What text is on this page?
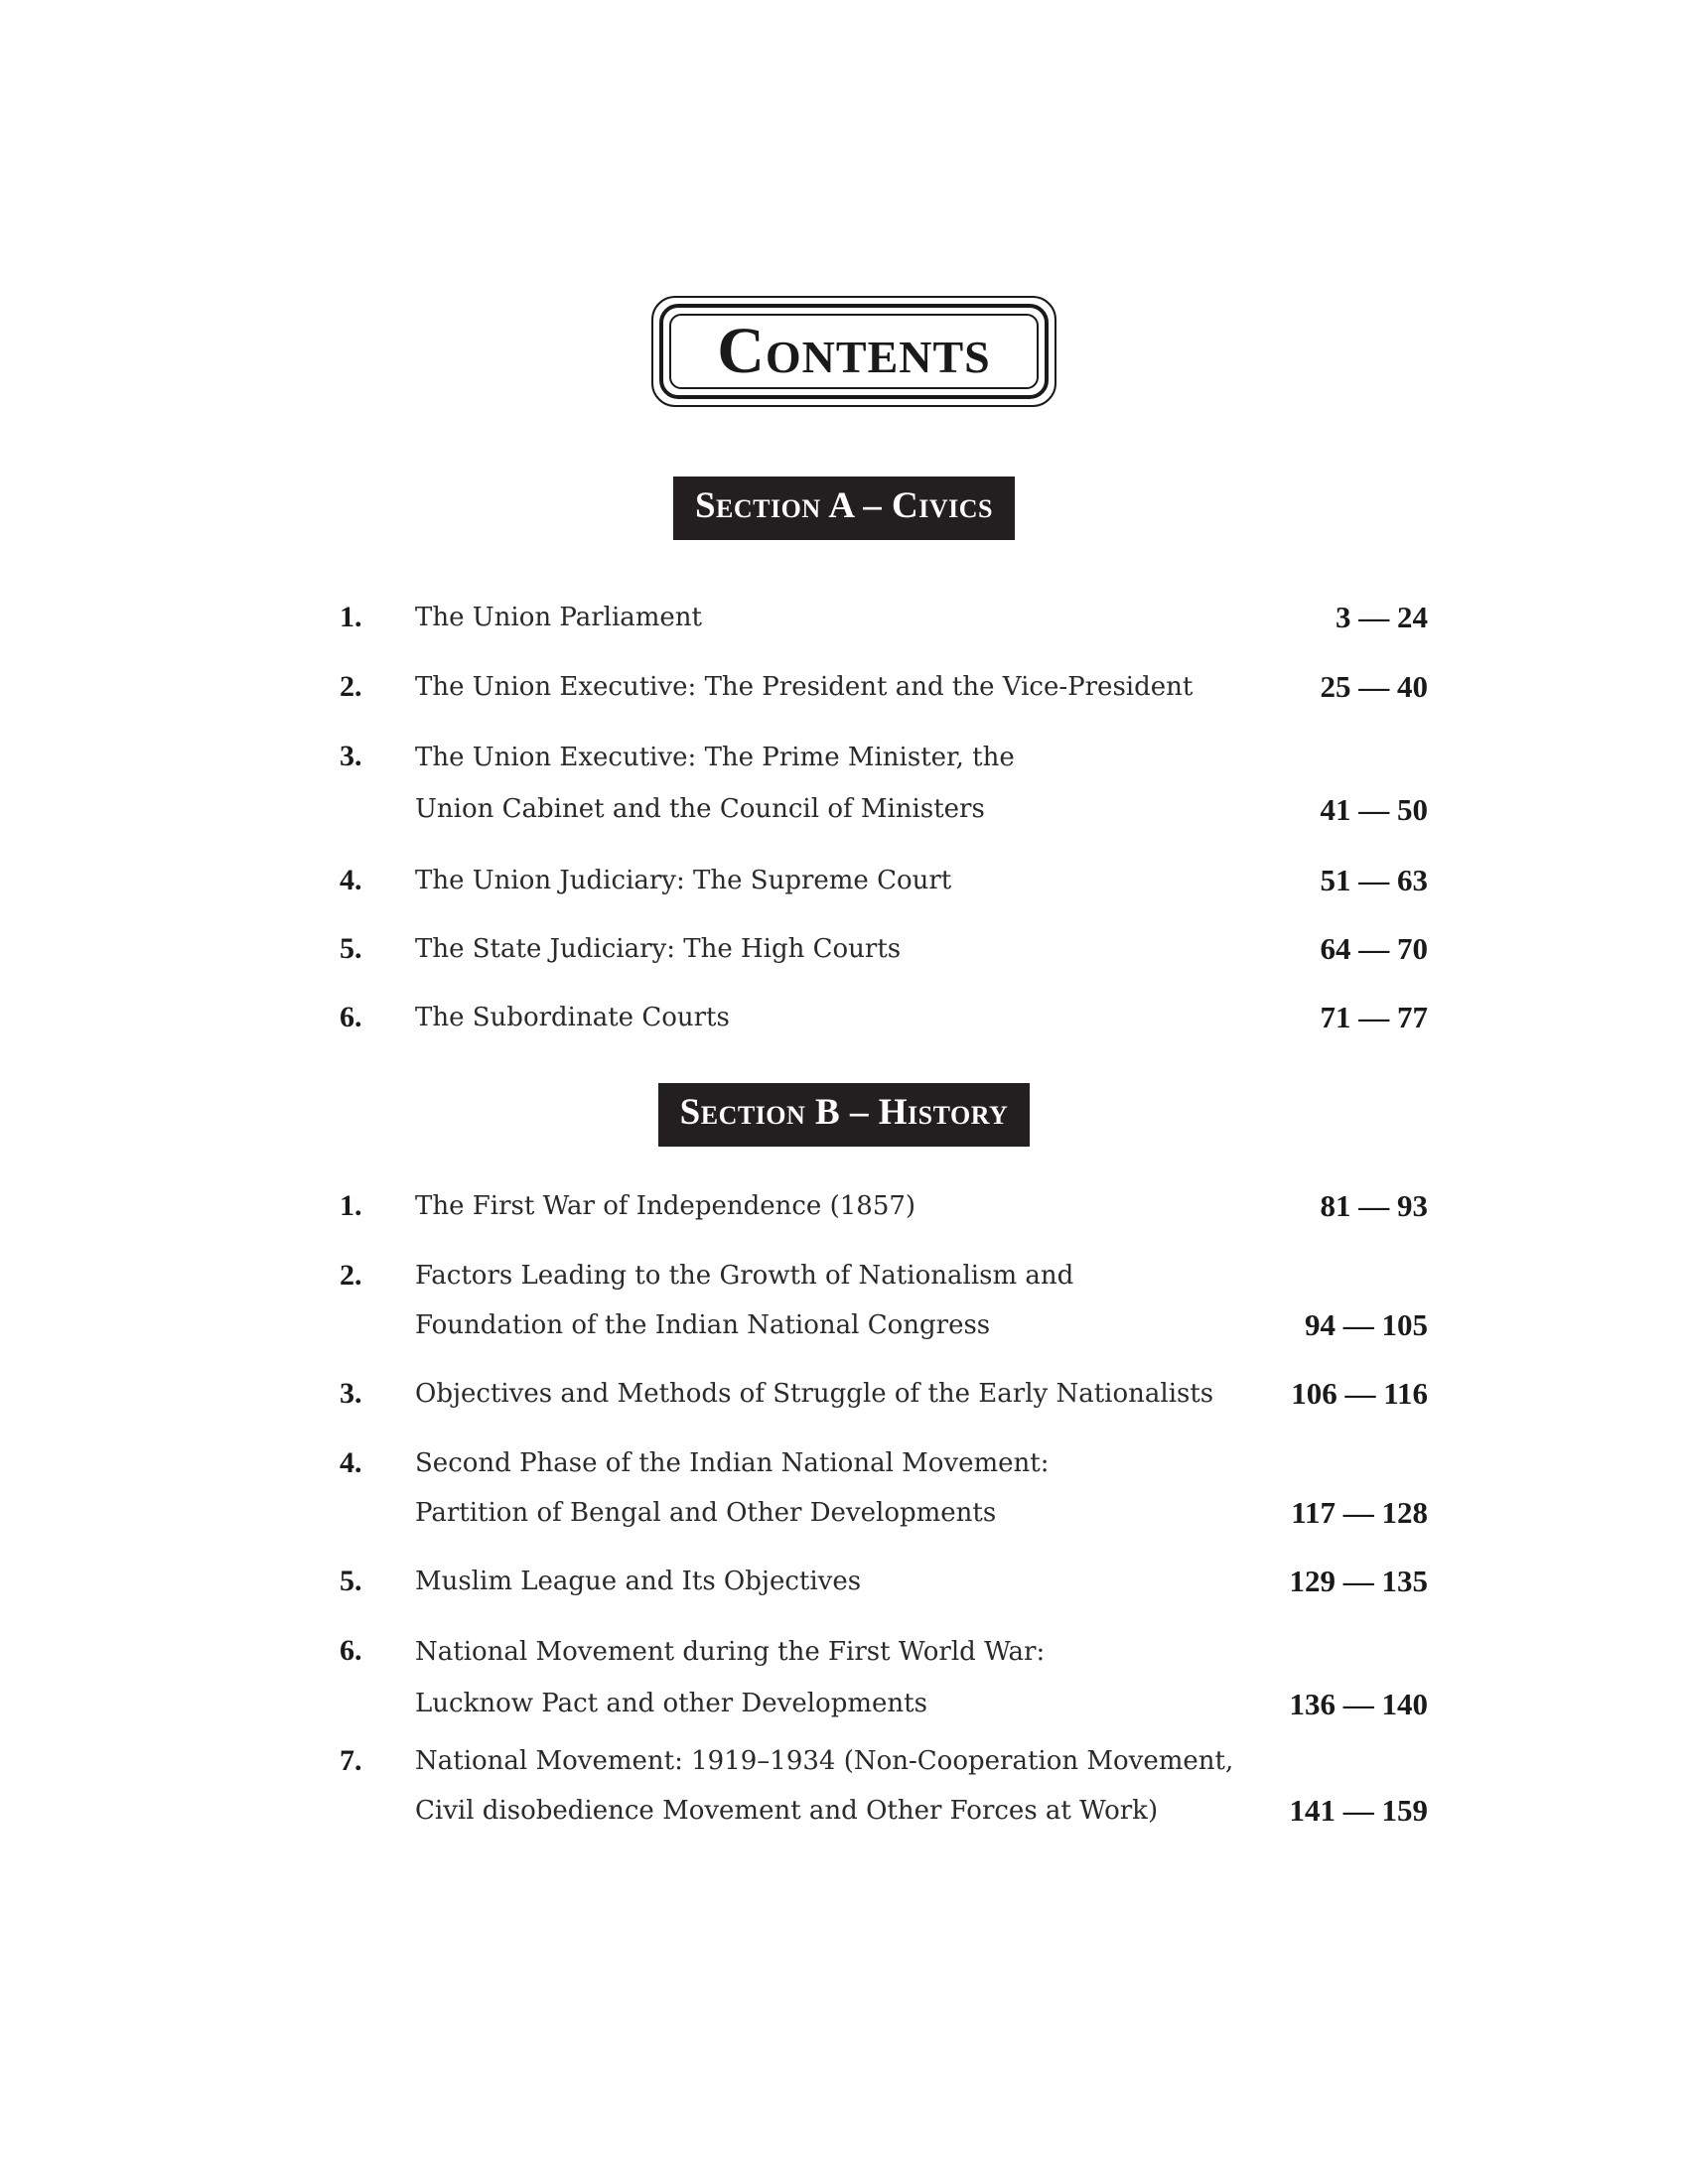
Contents
Section A – Civics
1. The Union Parliament	3 — 24
2. The Union Executive: The President and the Vice-President	25 — 40
3. The Union Executive: The Prime Minister, the
Union Cabinet and the Council of Ministers	41 — 50
4. The Union Judiciary: The Supreme Court	51 — 63
5. The State Judiciary: The High Courts	64 — 70
6. The Subordinate Courts	71 — 77
Section B – History
1. The First War of Independence (1857)	81 — 93
2. Factors Leading to the Growth of Nationalism and
Foundation of the Indian National Congress	94 — 105
3. Objectives and Methods of Struggle of the Early Nationalists	106 — 116
4. Second Phase of the Indian National Movement:
Partition of Bengal and Other Developments	117 — 128
5. Muslim League and Its Objectives	129 — 135
6. National Movement during the First World War:
Lucknow Pact and other Developments	136 — 140
7. National Movement: 1919–1934 (Non-Cooperation Movement,
Civil disobedience Movement and Other Forces at Work)	141 — 159
